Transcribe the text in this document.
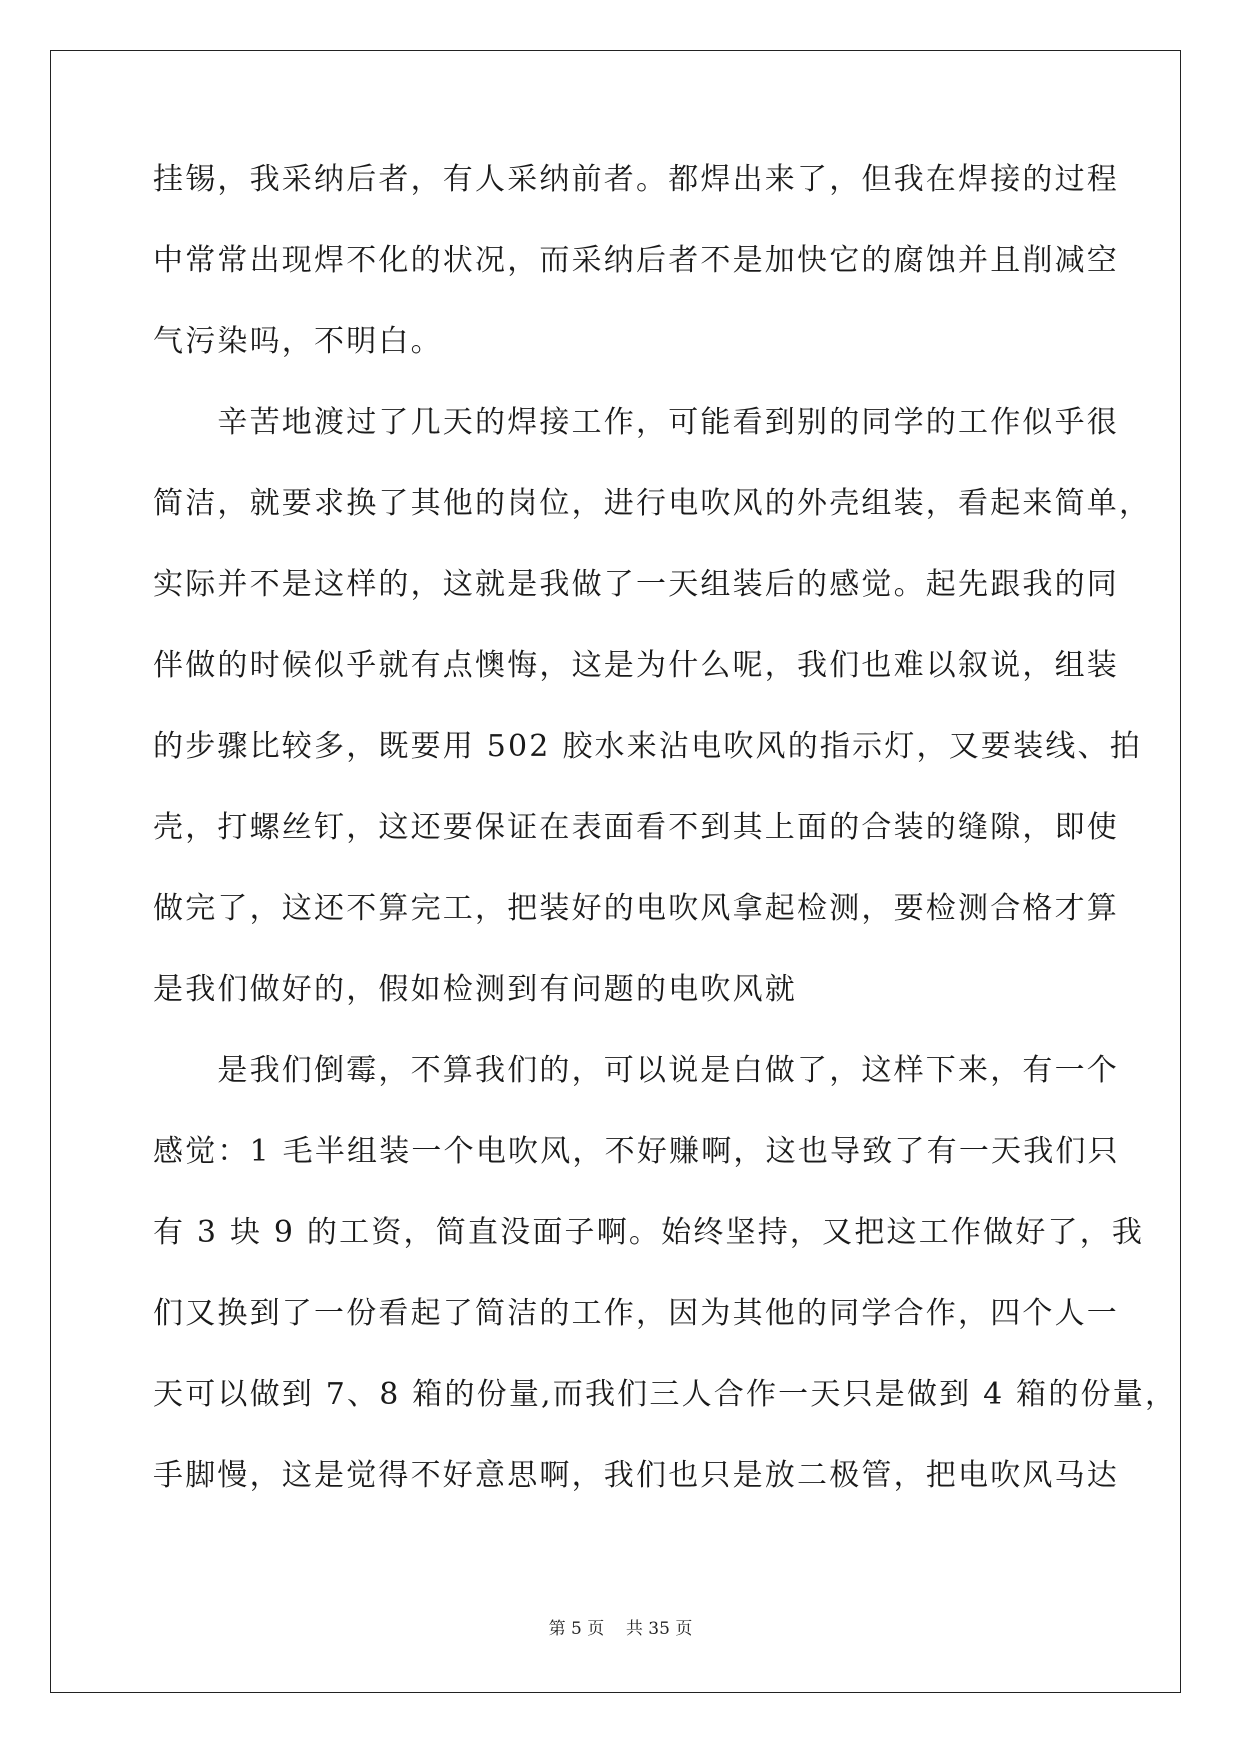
挂锡，我采纳后者，有人采纳前者。都焊出来了，但我在焊接的过程
中常常出现焊不化的状况，而采纳后者不是加快它的腐蚀并且削减空
气污染吗，不明白。
　　辛苦地渡过了几天的焊接工作，可能看到别的同学的工作似乎很
简洁，就要求换了其他的岗位，进行电吹风的外壳组装，看起来简单，
实际并不是这样的，这就是我做了一天组装后的感觉。起先跟我的同
伴做的时候似乎就有点懊悔，这是为什么呢，我们也难以叙说，组装
的步骤比较多，既要用 502 胶水来沾电吹风的指示灯，又要装线、拍
壳，打螺丝钉，这还要保证在表面看不到其上面的合装的缝隙，即使
做完了，这还不算完工，把装好的电吹风拿起检测，要检测合格才算
是我们做好的，假如检测到有问题的电吹风就
　　是我们倒霉，不算我们的，可以说是白做了，这样下来，有一个
感觉：1 毛半组装一个电吹风，不好赚啊，这也导致了有一天我们只
有 3 块 9 的工资，简直没面子啊。始终坚持，又把这工作做好了，我
们又换到了一份看起了简洁的工作，因为其他的同学合作，四个人一
天可以做到 7、8 箱的份量,而我们三人合作一天只是做到 4 箱的份量，
手脚慢，这是觉得不好意思啊，我们也只是放二极管，把电吹风马达
第 5 页    共 35 页
